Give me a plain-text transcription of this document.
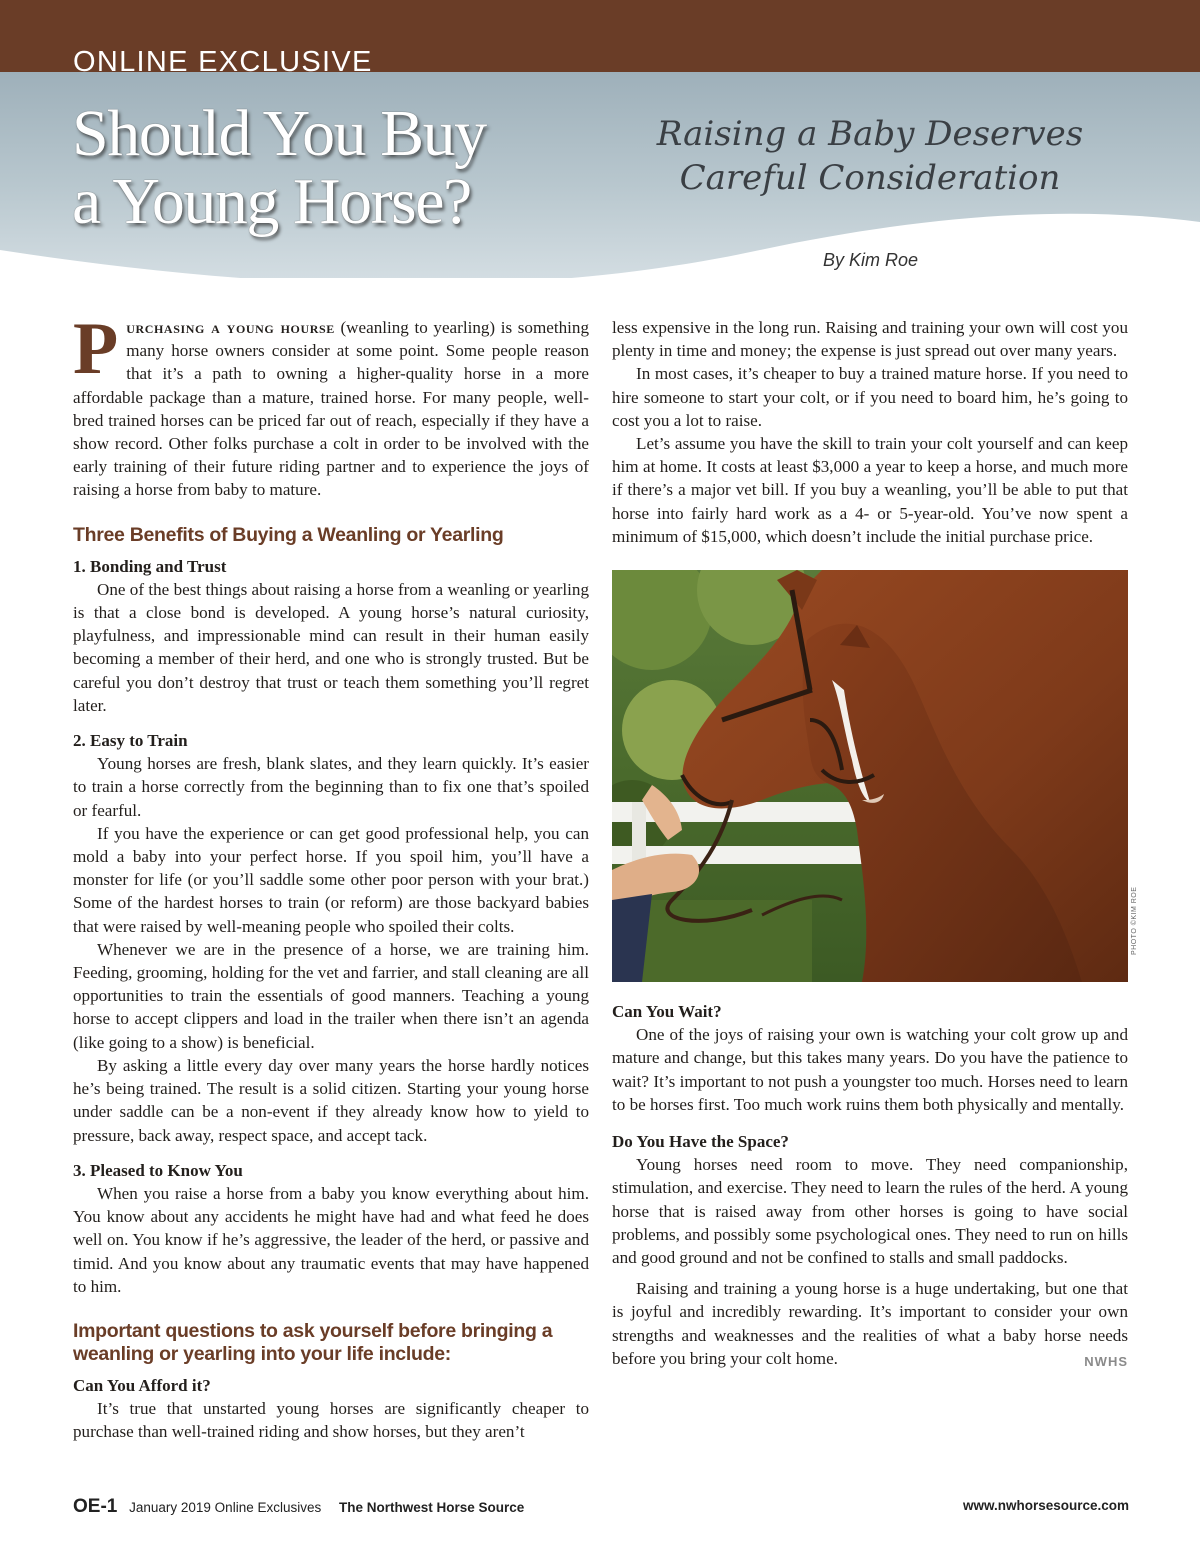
ONLINE EXCLUSIVE
Should You Buy
a Young Horse?
Raising a Baby Deserves
Careful Consideration
By Kim Roe

Purchasing a young hourse (weanling to yearling) is something many horse owners consider at some point. Some people reason that it’s a path to owning a higher-quality horse in a more affordable package than a mature, trained horse. For many people, well-bred trained horses can be priced far out of reach, especially if they have a show record. Other folks purchase a colt in order to be involved with the early training of their future riding partner and to experience the joys of raising a horse from baby to mature.

Three Benefits of Buying a Weanling or Yearling
1. Bonding and Trust

One of the best things about raising a horse from a weanling or yearling is that a close bond is developed. A young horse’s natural curiosity, playfulness, and impressionable mind can result in their human easily becoming a member of their herd, and one who is strongly trusted. But be careful you don’t destroy that trust or teach them something you’ll regret later.

2. Easy to Train

Young horses are fresh, blank slates, and they learn quickly. It’s easier to train a horse correctly from the beginning than to fix one that’s spoiled or fearful.

If you have the experience or can get good professional help, you can mold a baby into your perfect horse. If you spoil him, you’ll have a monster for life (or you’ll saddle some other poor person with your brat.) Some of the hardest horses to train (or reform) are those backyard babies that were raised by well-meaning people who spoiled their colts.

Whenever we are in the presence of a horse, we are training him. Feeding, grooming, holding for the vet and farrier, and stall cleaning are all opportunities to train the essentials of good manners. Teaching a young horse to accept clippers and load in the trailer when there isn’t an agenda (like going to a show) is beneficial.

By asking a little every day over many years the horse hardly notices he’s being trained. The result is a solid citizen. Starting your young horse under saddle can be a non-event if they already know how to yield to pressure, back away, respect space, and accept tack.

3. Pleased to Know You

When you raise a horse from a baby you know everything about him. You know about any accidents he might have had and what feed he does well on. You know if he’s aggressive, the leader of the herd, or passive and timid. And you know about any traumatic events that may have happened to him.

Important questions to ask yourself before bringing a weanling or yearling into your life include:
Can You Afford it?

It’s true that unstarted young horses are significantly cheaper to purchase than well-trained riding and show horses, but they aren’t

less expensive in the long run. Raising and training your own will cost you plenty in time and money; the expense is just spread out over many years.

In most cases, it’s cheaper to buy a trained mature horse. If you need to hire someone to start your colt, or if you need to board him, he’s going to cost you a lot to raise.

Let’s assume you have the skill to train your colt yourself and can keep him at home. It costs at least $3,000 a year to keep a horse, and much more if there’s a major vet bill. If you buy a weanling, you’ll be able to put that horse into fairly hard work as a 4- or 5-year-old. You’ve now spent a minimum of $15,000, which doesn’t include the initial purchase price.

Can You Wait?

One of the joys of raising your own is watching your colt grow up and mature and change, but this takes many years. Do you have the patience to wait? It’s important to not push a youngster too much. Horses need to learn to be horses first. Too much work ruins them both physically and mentally.

Do You Have the Space?

Young horses need room to move. They need companionship, stimulation, and exercise. They need to learn the rules of the herd. A young horse that is raised away from other horses is going to have social problems, and possibly some psychological ones. They need to run on hills and good ground and not be confined to stalls and small paddocks.

Raising and training a young horse is a huge undertaking, but one that is joyful and incredibly rewarding. It’s important to consider your own strengths and weaknesses and the realities of what a baby horse needs before you bring your colt home.	NWHS

PHOTO ©KIM ROE
OE-1 January 2019 Online Exclusives The Northwest Horse Source	www.nwhorsesource.com
